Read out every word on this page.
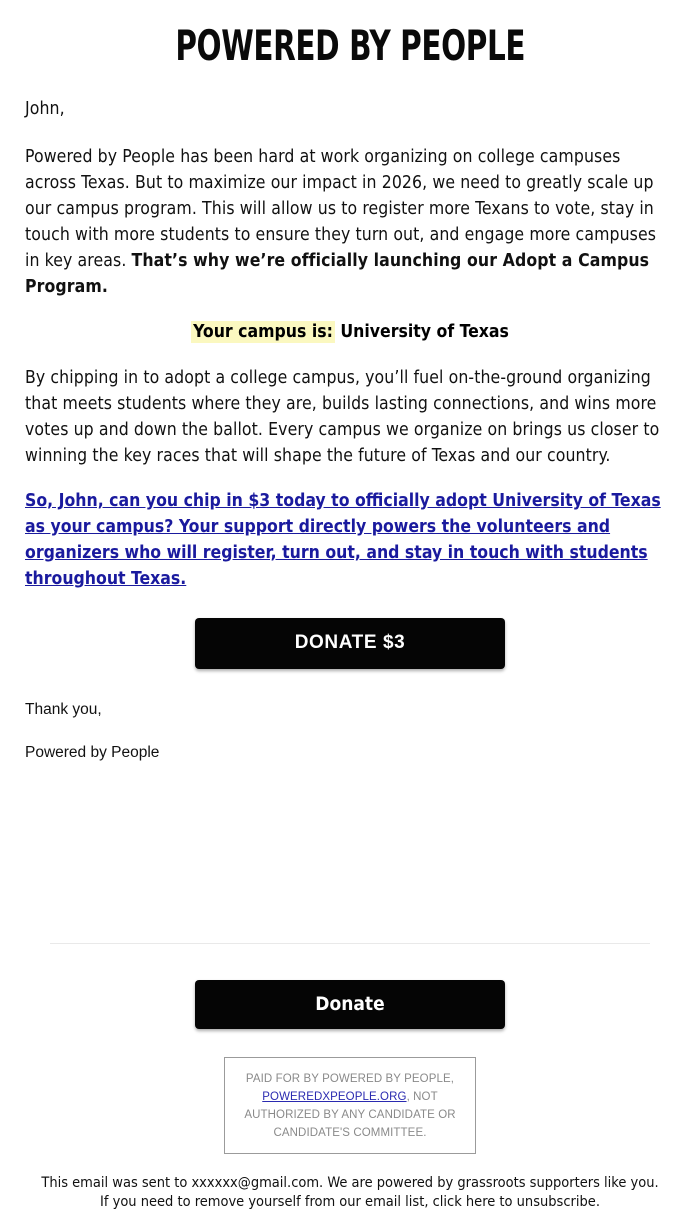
POWERED BY PEOPLE

John,

Powered by People has been hard at work organizing on college campuses across Texas. But to maximize our impact in 2026, we need to greatly scale up our campus program. This will allow us to register more Texans to vote, stay in touch with more students to ensure they turn out, and engage more campuses in key areas. That’s why we’re officially launching our Adopt a Campus Program.

Your campus is: University of Texas

By chipping in to adopt a college campus, you’ll fuel on-the-ground organizing that meets students where they are, builds lasting connections, and wins more votes up and down the ballot. Every campus we organize on brings us closer to winning the key races that will shape the future of Texas and our country.

So, John, can you chip in $3 today to officially adopt University of Texas as your campus? Your support directly powers the volunteers and organizers who will register, turn out, and stay in touch with students throughout Texas.

DONATE $3

Thank you,

Powered by People

Donate
PAID FOR BY POWERED BY PEOPLE, POWEREDXPEOPLE.ORG, NOT AUTHORIZED BY ANY CANDIDATE OR CANDIDATE'S COMMITTEE.
This email was sent to xxxxxx@gmail.com. We are powered by grassroots supporters like you. If you need to remove yourself from our email list, click here to unsubscribe.
